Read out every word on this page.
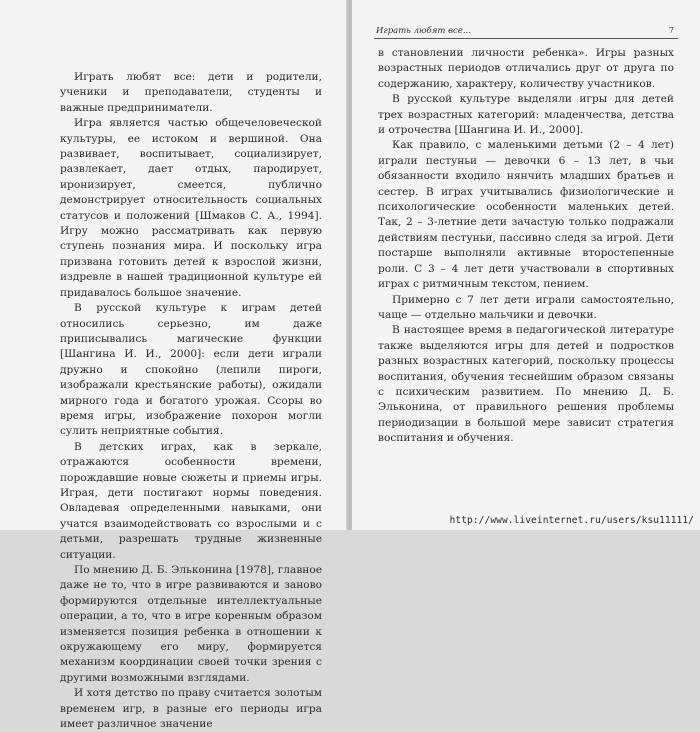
Играть любят все: дети и родители, ученики и преподаватели, студенты и важные предприниматели.

Игра является частью общечеловеческой культуры, ее истоком и вершиной. Она развивает, воспитывает, социализирует, развлекает, дает отдых, пародирует, иронизирует, смеется, публично демонстрирует относительность социальных статусов и положений [Шмаков С. А., 1994]. Игру можно рассматривать как первую ступень познания мира. И поскольку игра призвана готовить детей к взрослой жизни, издревле в нашей традиционной культуре ей придавалось большое значение.

В русской культуре к играм детей относились серьезно, им даже приписывались магические функции [Шангина И. И., 2000]: если дети играли дружно и спокойно (лепили пироги, изображали крестьянские работы), ожидали мирного года и богатого урожая. Ссоры во время игры, изображение похорон могли сулить неприятные события.

В детских играх, как в зеркале, отражаются особенности времени, порождавшие новые сюжеты и приемы игры. Играя, дети постигают нормы поведения. Овладевая определенными навыками, они учатся взаимодействовать со взрослыми и с детьми, разрешать трудные жизненные ситуации.

По мнению Д. Б. Эльконина [1978], главное даже не то, что в игре развиваются и заново формируются отдельные интеллектуальные операции, а то, что в игре коренным образом изменяется позиция ребенка в отношении к окружающему его миру, формируется механизм координации своей точки зрения с другими возможными взглядами.

И хотя детство по праву считается золотым временем игр, в разные его периоды игра имеет различное значение

Играть любят все...	7

в становлении личности ребенка». Игры разных возрастных периодов отличались друг от друга по содержанию, характеру, количеству участников.

В русской культуре выделяли игры для детей трех возрастных категорий: младенчества, детства и отрочества [Шангина И. И., 2000].

Как правило, с маленькими детьми (2 – 4 лет) играли пестуньи — девочки 6 – 13 лет, в чьи обязанности входило нянчить младших братьев и сестер. В играх учитывались физиологические и психологические особенности маленьких детей. Так, 2 – 3-летние дети зачастую только подражали действиям пестуньи, пассивно следя за игрой. Дети постарше выполняли активные второстепенные роли. С 3 – 4 лет дети участвовали в спортивных играх с ритмичным текстом, пением.

Примерно с 7 лет дети играли самостоятельно, чаще — отдельно мальчики и девочки.

В настоящее время в педагогической литературе также выделяются игры для детей и подростков разных возрастных категорий, поскольку процессы воспитания, обучения теснейшим образом связаны с психическим развитием. По мнению Д. Б. Эльконина, от правильного решения проблемы периодизации в большой мере зависит стратегия воспитания и обучения.

http://www.liveinternet.ru/users/ksu11111/
